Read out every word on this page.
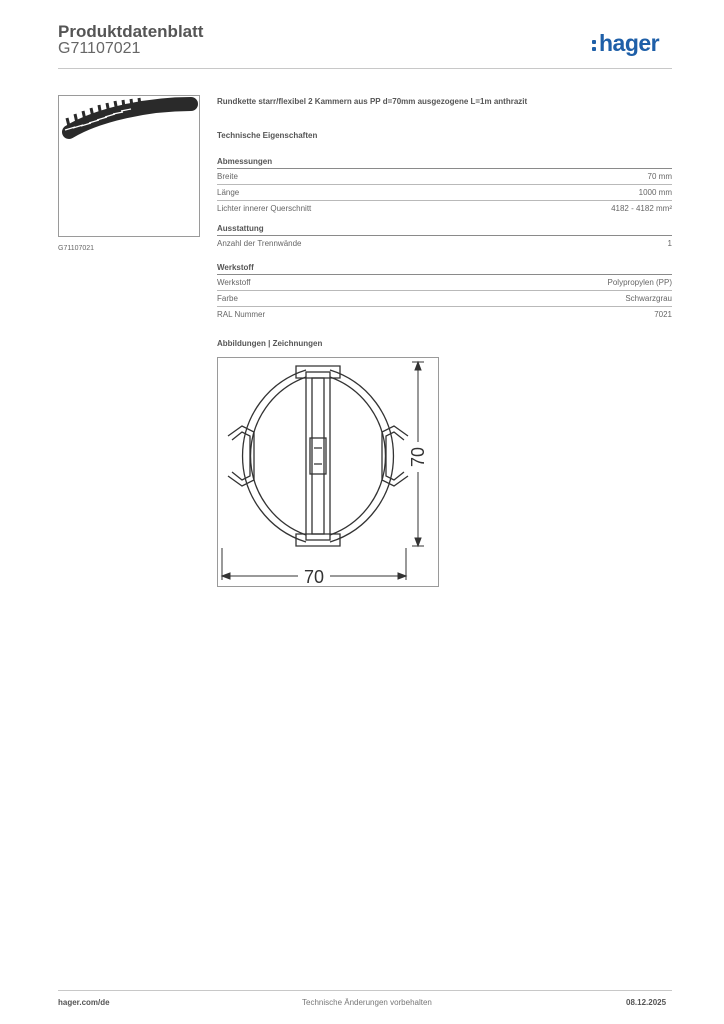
Produktdatenblatt
G71107021	hager
G71107021
Rundkette starr/flexibel 2 Kammern aus PP d=70mm ausgezogene L=1m anthrazit
Technische Eigenschaften
Abmessungen
Breite	70 mm
Länge	1000 mm
Lichter innerer Querschnitt	4182 - 4182 mm²
Ausstattung
Anzahl der Trennwände	1
Werkstoff
Werkstoff	Polypropylen (PP)
Farbe	Schwarzgrau
RAL Nummer	7021
Abbildungen | Zeichnungen
70
70
hager.com/de	Technische Änderungen vorbehalten	08.12.2025
